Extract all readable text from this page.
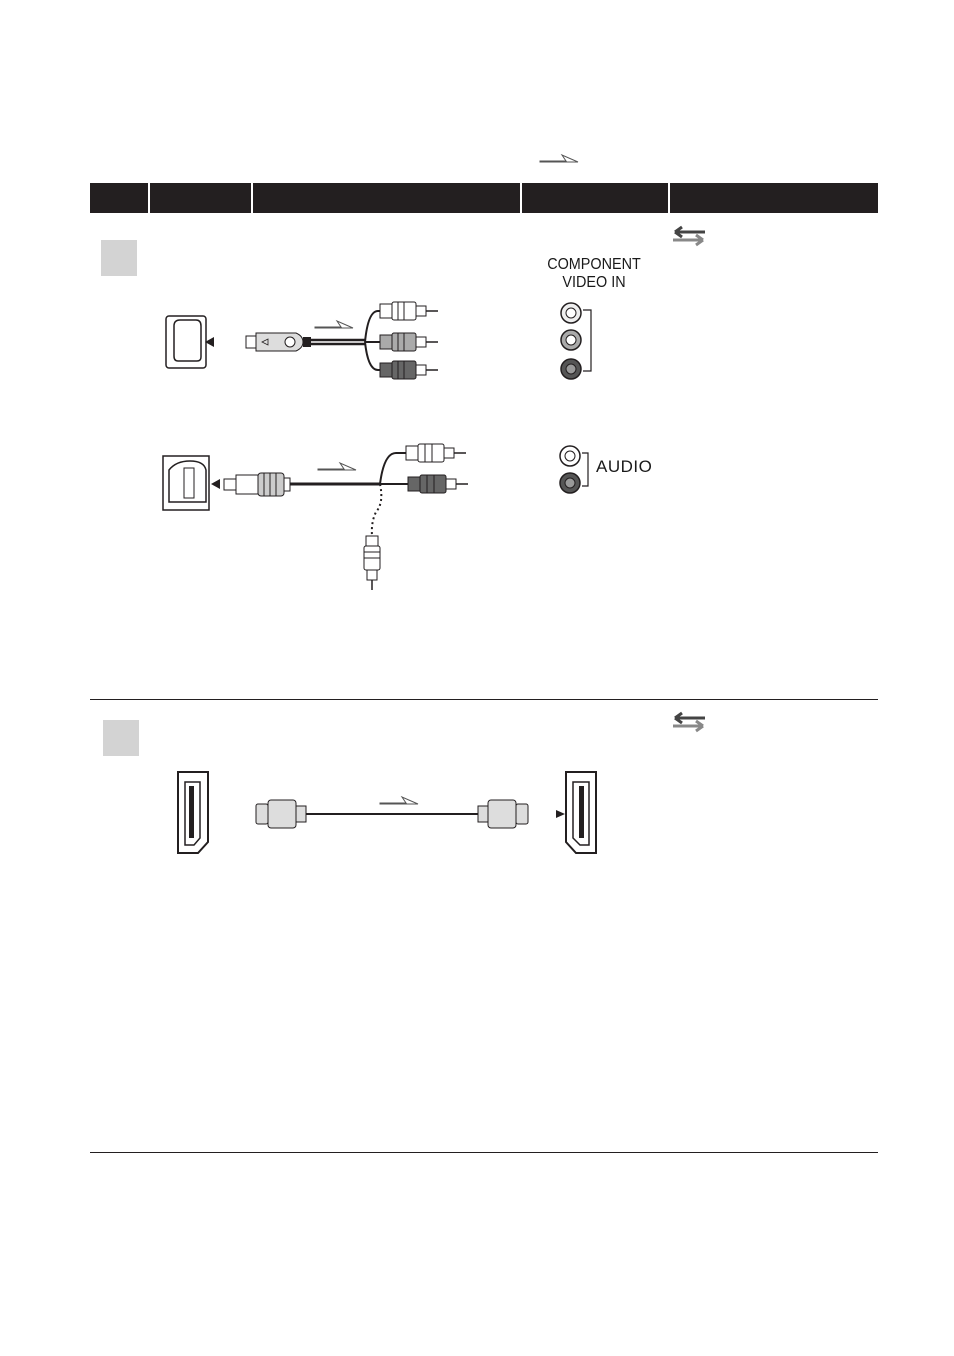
COMPONENT
VIDEO IN
AUDIO
